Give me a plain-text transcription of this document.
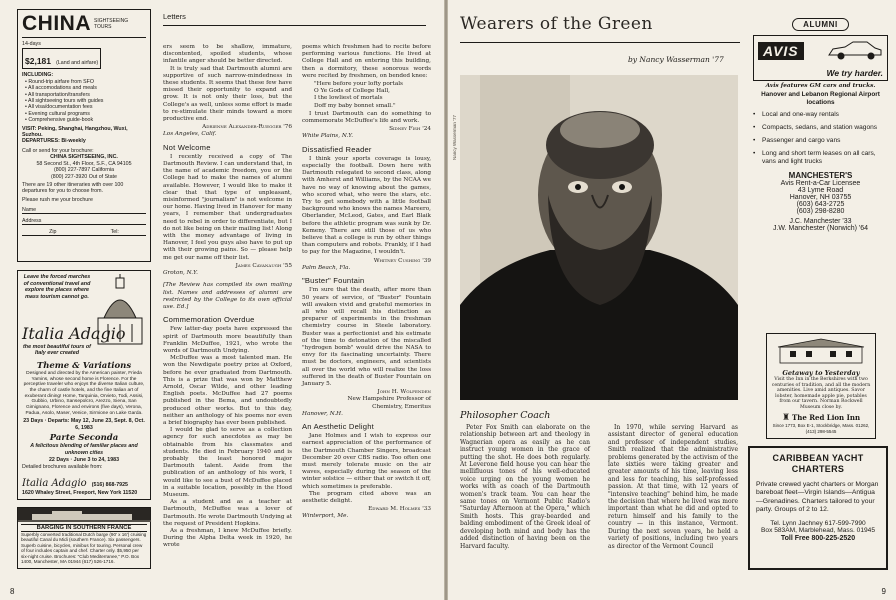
CHINA SIGHTSEEING TOURS
14-days
$2,181 (Land and airfare)
INCLUDING:
• Round-trip airfare from SFO
• All accomodations and meals
• All transportation/transfers
• All sightseeing tours with guides
• All visa/documentation fees
• Evening cultural programs
• Comprehensive guide-book
VISIT: Peking, Shanghai, Hangzhou, Wuxi, Suzhou.
DEPARTURES: Bi-weekly
Call or send for your brochure:
CHINA SIGHTSEEING, INC.
58 Second St., 4th Floor, S.F., CA 94105
(800) 227-7897 California
(800) 227-3920 Out of State
There are 19 other itineraries with over 100 departures for you to choose from.
Please rush me your brochure
Name
Address
Zip	Tel:
Leave the forced marches of conventional travel and explore the places where mass tourism cannot go.
Italia Adagio
the most beautiful tours of Italy ever created
Theme & Variations
Designed and directed by the American painter, Frieda Yamins, whose second home is Florence. For the perceptive traveler who enjoys the diverse Italian culture, the charm of castle hotels, and the fine Italian art of exuberant dining! Home, Tarquinia, Orvieto, Todi, Assisi, Gubbio, Urbino, Sansepolcro, Arezzo, Siena, San Gimignano, Florence and environs (five days), Verona, Padua, Asolo, Maser, Venice, Sirmione on Lake Garda.
23 Days · Departs: May 12, June 23, Sept. 8, Oct. 6, 1983
Parte Seconda
A felicitous blending of familiar places and unknown cities
22 Days · June 3 to 24, 1983
Detailed brochures available from:
Italia Adagio (516) 868-7925
1620 Whaley Street, Freeport, New York 11520
BARGING IN SOUTHERN FRANCE
Superbly converted traditional Dutch barge (90' x 16') cruising beautiful Canal du Midi (southern France). Six passengers. Superb cuisine, bicycles, minibus for touring. Personal crew of four includes captain and chef. Charter only. $5,950 per six-night cruise. Brochures: "Club Mediterranee," P.O. Box 1400, Manchester, MA 01944 (617) 526-1716.
Letters

ers seem to be shallow, immature, discontented, spoiled students, whose infantile anger should be better directed.

It is truly sad that Dartmouth alumni are supportive of such narrow-mindedness in these students. It seems that these few have missed their opportunity to expand and grow. It is not only their loss, but the College's as well, unless some effort is made to re-stimulate their minds toward a more productive end.

Adrienne Alexander-Ruegger '76

Los Angeles, Calif.

Not Welcome

I recently received a copy of The Dartmouth Review. I can understand that, in the name of academic freedom, you or the College had to make the names of alumni available. However, I would like to make it clear that that type of unpleasant, misinformed "journalism" is not welcome in our home. Having lived in Hanover for many years, I remember that undergraduates need to rebel in order to differentiate, but I do not like being on their mailing list! Along with the money advantage of living in Hanover, I feel you guys also have to put up with their growing pains. So — please help me get our name off their list.

James Cavanaugh '55

Groton, N.Y.

[The Review has compiled its own mailing list. Names and addresses of alumni are restricted by the College to its own official use. Ed.]

Commemoration Overdue

Few latter-day poets have expressed the spirit of Dartmouth more beautifully than Franklin McDuffee, 1921, who wrote the words of Dartmouth Undying.

McDuffee was a most talented man. He won the Newdigate poetry prize at Oxford, before he ever graduated from Dartmouth. This is a prize that was won by Matthew Arnold, Oscar Wilde, and other leading English poets. McDuffee had 27 poems published in the Bema, and undoubtedly produced other works. But to this day, neither an anthology of his poems nor even a brief biography has ever been published.

I would be glad to serve as a collection agency for such anecdotes as may be obtainable from his classmates and students. He died in February 1940 and is probably the least honored major Dartmouth talent. Aside from the publication of an anthology of his work, I would like to see a bust of McDuffee placed in a suitable location, possibly in the Hood Museum.

As a student and as a teacher at Dartmouth, McDuffee was a lover of Dartmouth. He wrote Dartmouth Undying at the request of President Hopkins.

As a freshman, I knew McDuffee briefly. During the Alpha Delta week in 1920, he wrote

poems which freshmen had to recite before performing various functions. He lived at College Hall and on entering this building, then a dormitory, these sonorous words were recited by freshmen, on bended knee:

"Here before your lofty portals
O Ye Gods of College Hall,
I the lowliest of mortals
Doff my baby bonnet small."

I trust Dartmouth can do something to commemorate McDuffee's life and work.

Sidney Fish '24

White Plains, N.Y.

Dissatisfied Reader

I think your sports coverage is lousy, especially the football. Down here with Dartmouth relegated to second class, along with Amherst and Williams, by the NCAA we have no way of knowing about the games, who scored what, who were the stars, etc. Try to get somebody with a little football background who knows the names Mareero, Oberlander, McLeod, Gates, and Earl Blaik before the athletic program was sunk by Dr. Kemeny. There are still those of us who believe that a college is run by other things than computers and robots. Frankly, if I had to pay for the Magazine, I wouldn't.

Whitney Cushing '39

Palm Beach, Fla.

"Buster" Fountain

I'm sure that the death, after more than 50 years of service, of "Buster" Fountain will awaken vivid and grateful memories in all who will recall his distinction as preparer of experiments in the freshman chemistry course in Steele laboratory. Buster was a perfectionist and his estimate of the time to detonation of the miscalled "hydrogen bomb" would drive the NASA to envy for its fascinating uncertainty. There must be doctors, engineers, and scientists all over the world who will realize the loss suffered in the death of Buster Fountain on January 5.

John H. Wolfenden

New Hampshire Professor of

Chemistry, Emeritus

Hanover, N.H.

An Aesthetic Delight

Jane Holmes and I wish to express our earnest appreciation of the performance of the Dartmouth Chamber Singers, broadcast December 20 over CBS radio. Too often one must merely tolerate music on the air waves, especially during the season of the winter solstice — either that or switch it off, which sometimes is preferable.

The program cited above was an aesthetic delight.

Edward M. Holmes '33

Winterport, Me.

8
Wearers of the Green
by Nancy Wasserman '77
Nancy Wasserman '77
Philosopher Coach
Peter Fox Smith can elaborate on the relationship between art and theology in Wagnerian opera as easily as he can instruct young women in the grace of putting the shot. He does both regularly. At Leverone field house you can hear the mellifluous tones of his well-educated voice urging on the young women he works with as coach of the Dartmouth women's track team. You can hear the same tones on Vermont Public Radio's "Saturday Afternoon at the Opera," which Smith hosts. This gray-bearded and balding embodiment of the Greek ideal of developing both mind and body has the added distinction of having been on the Harvard faculty.
In 1970, while serving Harvard as assistant director of general education and professor of independent studies, Smith realized that the administrative problems generated by the activism of the late sixties were taking greater and greater amounts of his time, leaving less and less for teaching, his self-professed passion. At that time, with 12 years of "intensive teaching" behind him, he made the decision that where he lived was more important than what he did and opted to return himself and his family to the country — in this instance, Vermont. During the next seven years, he held a variety of positions, including two years as director of the Vermont Council
ALUMNI
AVIS
We try harder.
Avis features GM cars and trucks.
Hanover and Lebanon Regional Airport locations
• Local and one-way rentals
• Compacts, sedans, and station wagons
• Passenger and cargo vans
• Long and short term leases on all cars, vans and light trucks
MANCHESTER'S
Avis Rent-a-Car Licensee
43 Lyme Road
Hanover, NH 03755
(603) 643-2725
(603) 298-8280
J.C. Manchester '33
J.W. Manchester (Norwich) '64
Getaway to Yesterday
Visit the Inn in the Berkshires with two centuries of tradition, and all the modern amenities. Live amid antiques. Savor lobster, homemade apple pie, potables from our tavern. Norman Rockwell Museum close by.
♜ The Red Lion Inn
Since 1773, Box E-1, Stockbridge, Mass. 01262, (413) 298-5545
CARIBBEAN YACHT CHARTERS
Private crewed yacht charters or Morgan bareboat fleet—Virgin Islands—Antigua—Grenadines. Charters tailored to your party. Groups of 2 to 12.
Tel. Lynn Jachney 617-599-7990
Box 583AM, Marblehead, Mass. 01945
Toll Free 800-225-2520
9
